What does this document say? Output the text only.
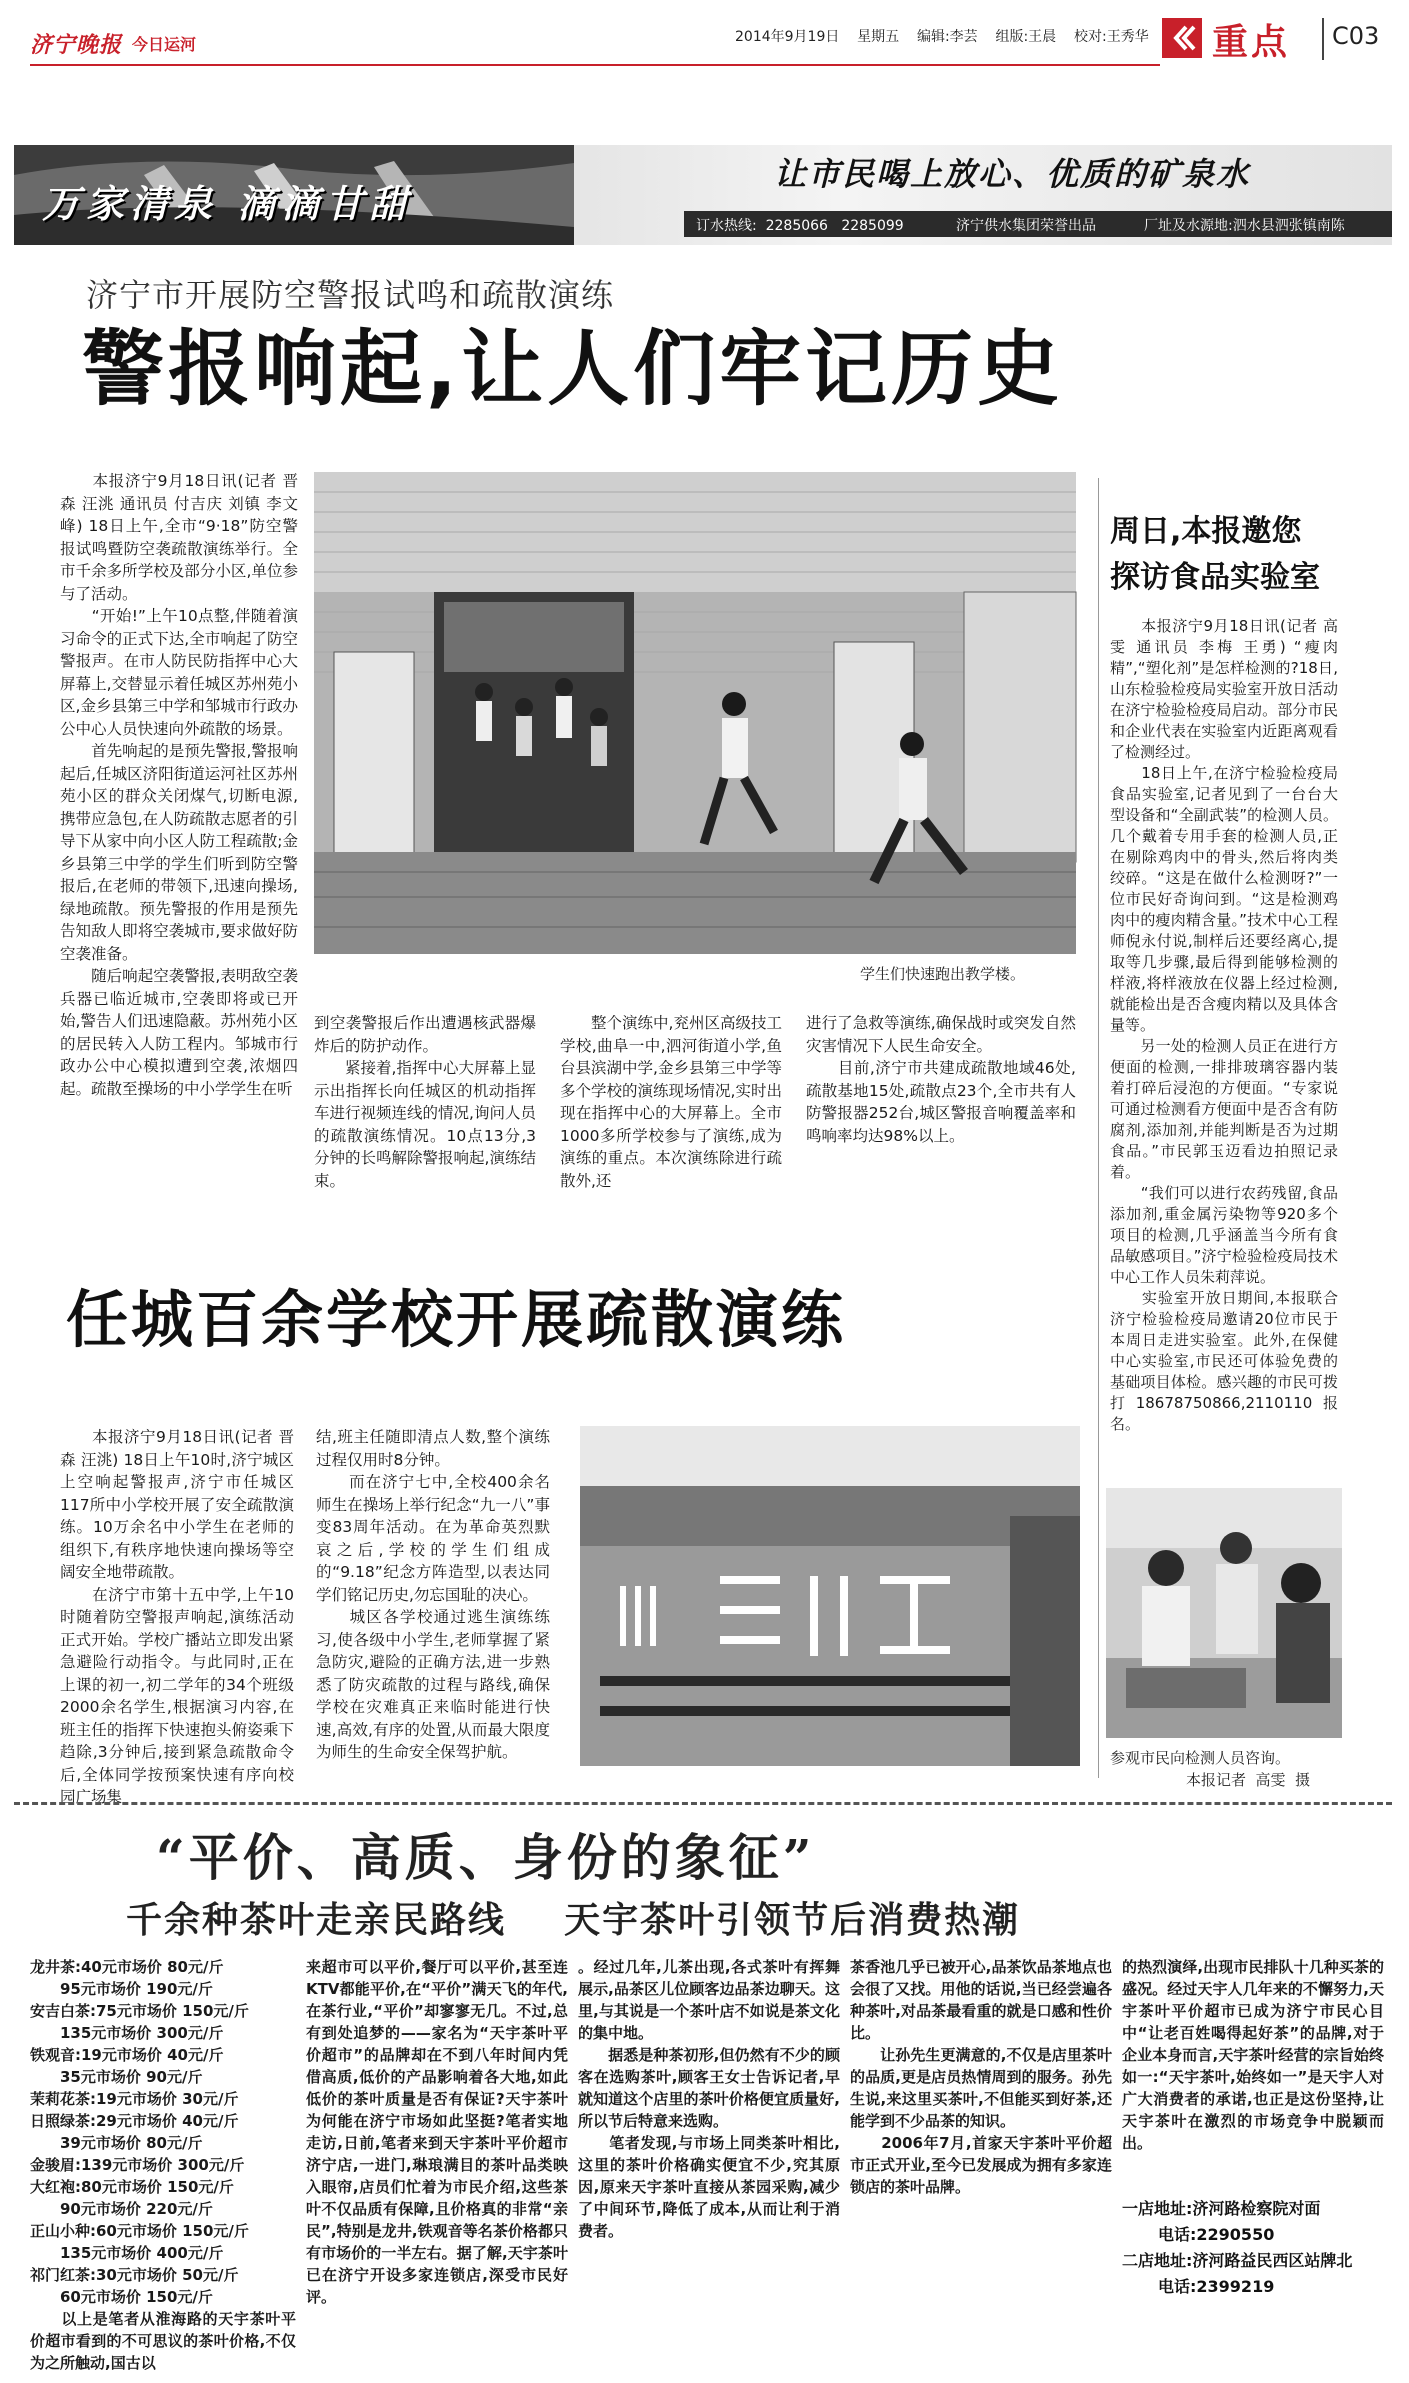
济宁晚报 今日运河	2014年9月19日    星期五    编辑:李芸    组版:王晨    校对:王秀华 重点 C03
万家清泉 滴滴甘甜
让市民喝上放心、优质的矿泉水
订水热线:  2285066   2285099	济宁供水集团荣誉出品	厂址及水源地:泗水县泗张镇南陈
济宁市开展防空警报试鸣和疏散演练
警报响起,让人们牢记历史
　　本报济宁9月18日讯(记者 晋森 汪洮 通讯员 付吉庆 刘镇 李文峰) 18日上午,全市“9·18”防空警报试鸣暨防空袭疏散演练举行。全市千余多所学校及部分小区,单位参与了活动。
　　“开始!”上午10点整,伴随着演习命令的正式下达,全市响起了防空警报声。在市人防民防指挥中心大屏幕上,交替显示着任城区苏州苑小区,金乡县第三中学和邹城市行政办公中心人员快速向外疏散的场景。
　　首先响起的是预先警报,警报响起后,任城区济阳街道运河社区苏州苑小区的群众关闭煤气,切断电源,携带应急包,在人防疏散志愿者的引导下从家中向小区人防工程疏散;金乡县第三中学的学生们听到防空警报后,在老师的带领下,迅速向操场,绿地疏散。预先警报的作用是预先告知敌人即将空袭城市,要求做好防空袭准备。
　　随后响起空袭警报,表明敌空袭兵器已临近城市,空袭即将或已开始,警告人们迅速隐蔽。苏州苑小区的居民转入人防工程内。邹城市行政办公中心模拟遭到空袭,浓烟四起。疏散至操场的中小学学生在听
学生们快速跑出教学楼。
到空袭警报后作出遭遇核武器爆炸后的防护动作。
　　紧接着,指挥中心大屏幕上显示出指挥长向任城区的机动指挥车进行视频连线的情况,询问人员的疏散演练情况。10点13分,3分钟的长鸣解除警报响起,演练结束。
　　整个演练中,兖州区高级技工学校,曲阜一中,泗河街道小学,鱼台县滨湖中学,金乡县第三中学等多个学校的演练现场情况,实时出现在指挥中心的大屏幕上。全市1000多所学校参与了演练,成为演练的重点。本次演练除进行疏散外,还
进行了急救等演练,确保战时或突发自然灾害情况下人民生命安全。
　　目前,济宁市共建成疏散地域46处,疏散基地15处,疏散点23个,全市共有人防警报器252台,城区警报音响覆盖率和鸣响率均达98%以上。
周日,本报邀您
探访食品实验室
　　本报济宁9月18日讯(记者 高雯 通讯员 李梅 王勇) “瘦肉精”,“塑化剂”是怎样检测的?18日,山东检验检疫局实验室开放日活动在济宁检验检疫局启动。部分市民和企业代表在实验室内近距离观看了检测经过。
　　18日上午,在济宁检验检疫局食品实验室,记者见到了一台台大型设备和“全副武装”的检测人员。几个戴着专用手套的检测人员,正在剔除鸡肉中的骨头,然后将肉类绞碎。“这是在做什么检测呀?”一位市民好奇询问到。“这是检测鸡肉中的瘦肉精含量。”技术中心工程师倪永付说,制样后还要经离心,提取等几步骤,最后得到能够检测的样液,将样液放在仪器上经过检测,就能检出是否含瘦肉精以及具体含量等。
　　另一处的检测人员正在进行方便面的检测,一排排玻璃容器内装着打碎后浸泡的方便面。“专家说可通过检测看方便面中是否含有防腐剂,添加剂,并能判断是否为过期食品。”市民郭玉迈看边拍照记录着。
　　“我们可以进行农药残留,食品添加剂,重金属污染物等920多个项目的检测,几乎涵盖当今所有食品敏感项目。”济宁检验检疫局技术中心工作人员朱莉萍说。
　　实验室开放日期间,本报联合济宁检验检疫局邀请20位市民于本周日走进实验室。此外,在保健中心实验室,市民还可体验免费的基础项目体检。感兴趣的市民可拨打18678750866,2110110报名。
参观市民向检测人员咨询。
本报记者  高雯  摄
任城百余学校开展疏散演练
　　本报济宁9月18日讯(记者 晋森 汪洮) 18日上午10时,济宁城区上空响起警报声,济宁市任城区117所中小学校开展了安全疏散演练。10万余名中小学生在老师的组织下,有秩序地快速向操场等空阔安全地带疏散。
　　在济宁市第十五中学,上午10时随着防空警报声响起,演练活动正式开始。学校广播站立即发出紧急避险行动指令。与此同时,正在上课的初一,初二学年的34个班级2000余名学生,根据演习内容,在班主任的指挥下快速抱头俯姿乘下趋除,3分钟后,接到紧急疏散命令后,全体同学按预案快速有序向校园广场集
结,班主任随即清点人数,整个演练过程仅用时8分钟。
　　而在济宁七中,全校400余名师生在操场上举行纪念“九一八”事变83周年活动。在为革命英烈默哀之后,学校的学生们组成的“9.18”纪念方阵造型,以表达同学们铭记历史,勿忘国耻的决心。
　　城区各学校通过逃生演练练习,使各级中小学生,老师掌握了紧急防灾,避险的正确方法,进一步熟悉了防灾疏散的过程与路线,确保学校在灾难真正来临时能进行快速,高效,有序的处置,从而最大限度为师生的生命安全保驾护航。
“平价、高质、身份的象征”
千余种茶叶走亲民路线    天宇茶叶引领节后消费热潮
龙井茶:40元市场价 80元/斤
　　95元市场价 190元/斤
安吉白茶:75元市场价 150元/斤
　　135元市场价 300元/斤
铁观音:19元市场价 40元/斤
　　35元市场价 90元/斤
茉莉花茶:19元市场价 30元/斤
日照绿茶:29元市场价 40元/斤
　　39元市场价 80元/斤
金骏眉:139元市场价 300元/斤
大红袍:80元市场价 150元/斤
　　90元市场价 220元/斤
正山小种:60元市场价 150元/斤
　　135元市场价 400元/斤
祁门红茶:30元市场价 50元/斤
　　60元市场价 150元/斤
　　以上是笔者从淮海路的天宇茶叶平价超市看到的不可思议的茶叶价格,不仅为之所触动,国古以
来超市可以平价,餐厅可以平价,甚至连KTV都能平价,在“平价”满天飞的年代,在茶行业,“平价”却寥寥无几。不过,总有到处追梦的——家名为“天宇茶叶平价超市”的品牌却在不到八年时间内凭借高质,低价的产品影响着各大地,如此低价的茶叶质量是否有保证?天宇茶叶为何能在济宁市场如此坚挺?笔者实地走访,日前,笔者来到天宇茶叶平价超市济宁店,一进门,琳琅满目的茶叶品类映入眼帘,店员们忙着为市民介绍,这些茶叶不仅品质有保障,且价格真的非常“亲民”,特别是龙井,铁观音等名茶价格都只有市场价的一半左右。据了解,天宇茶叶已在济宁开设多家连锁店,深受市民好评。
。经过几年,儿茶出现,各式茶叶有挥舞展示,品茶区儿位顾客边品茶边聊天。这里,与其说是一个茶叶店不如说是茶文化的集中地。
　　据悉是种茶初形,但仍然有不少的顾客在选购茶叶,顾客王女士告诉记者,早就知道这个店里的茶叶价格便宜质量好,所以节后特意来选购。
　　笔者发现,与市场上同类茶叶相比,这里的茶叶价格确实便宜不少,究其原因,原来天宇茶叶直接从茶园采购,减少了中间环节,降低了成本,从而让利于消费者。
茶香池几乎已被开心,品茶饮品茶地点也会很了又找。用他的话说,当已经尝遍各种茶叶,对品茶最看重的就是口感和性价比。
　　让孙先生更满意的,不仅是店里茶叶的品质,更是店员热情周到的服务。孙先生说,来这里买茶叶,不但能买到好茶,还能学到不少品茶的知识。
　　2006年7月,首家天宇茶叶平价超市正式开业,至今已发展成为拥有多家连锁店的茶叶品牌。
的热烈演绎,出现市民排队十几种买茶的盛况。经过天宇人几年来的不懈努力,天宇茶叶平价超市已成为济宁市民心目中“让老百姓喝得起好茶”的品牌,对于企业本身而言,天宇茶叶经营的宗旨始终如一:“天宇茶叶,始终如一”是天宇人对广大消费者的承诺,也正是这份坚持,让天宇茶叶在激烈的市场竞争中脱颖而出。
一店地址:济河路检察院对面
电话:2290550
二店地址:济河路益民西区站牌北
电话:2399219
